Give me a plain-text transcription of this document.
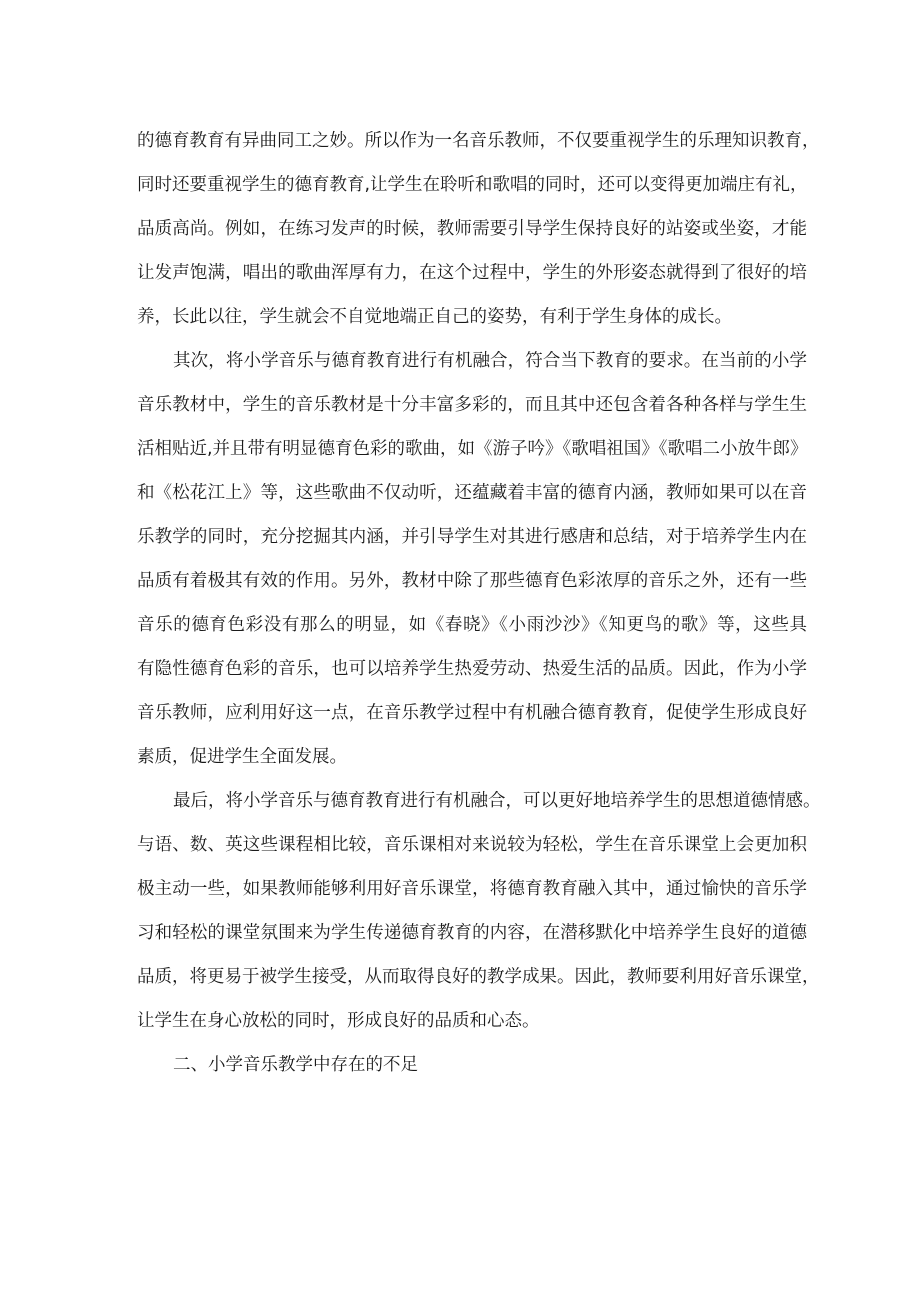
的德育教育有异曲同工之妙。所以作为一名音乐教师，不仅要重视学生的乐理知识教育，
同时还要重视学生的德育教育,让学生在聆听和歌唱的同时，还可以变得更加端庄有礼，
品质高尚。例如，在练习发声的时候，教师需要引导学生保持良好的站姿或坐姿，才能
让发声饱满，唱出的歌曲浑厚有力，在这个过程中，学生的外形姿态就得到了很好的培
养，长此以往，学生就会不自觉地端正自己的姿势，有利于学生身体的成长。
其次，将小学音乐与德育教育进行有机融合，符合当下教育的要求。在当前的小学
音乐教材中，学生的音乐教材是十分丰富多彩的，而且其中还包含着各种各样与学生生
活相贴近,并且带有明显德育色彩的歌曲，如《游子吟》《歌唱祖国》《歌唱二小放牛郎》
和《松花江上》等，这些歌曲不仅动听，还蕴藏着丰富的德育内涵，教师如果可以在音
乐教学的同时，充分挖掘其内涵，并引导学生对其进行感唐和总结，对于培养学生内在
品质有着极其有效的作用。另外，教材中除了那些德育色彩浓厚的音乐之外，还有一些
音乐的德育色彩没有那么的明显，如《春晓》《小雨沙沙》《知更鸟的歌》等，这些具
有隐性德育色彩的音乐，也可以培养学生热爱劳动、热爱生活的品质。因此，作为小学
音乐教师，应利用好这一点，在音乐教学过程中有机融合德育教育，促使学生形成良好
素质，促进学生全面发展。
最后，将小学音乐与德育教育进行有机融合，可以更好地培养学生的思想道德情感。
与语、数、英这些课程相比较，音乐课相对来说较为轻松，学生在音乐课堂上会更加积
极主动一些，如果教师能够利用好音乐课堂，将德育教育融入其中，通过愉快的音乐学
习和轻松的课堂氛围来为学生传递德育教育的内容，在潜移默化中培养学生良好的道德
品质，将更易于被学生接受，从而取得良好的教学成果。因此，教师要利用好音乐课堂，
让学生在身心放松的同时，形成良好的品质和心态。
二、小学音乐教学中存在的不足
